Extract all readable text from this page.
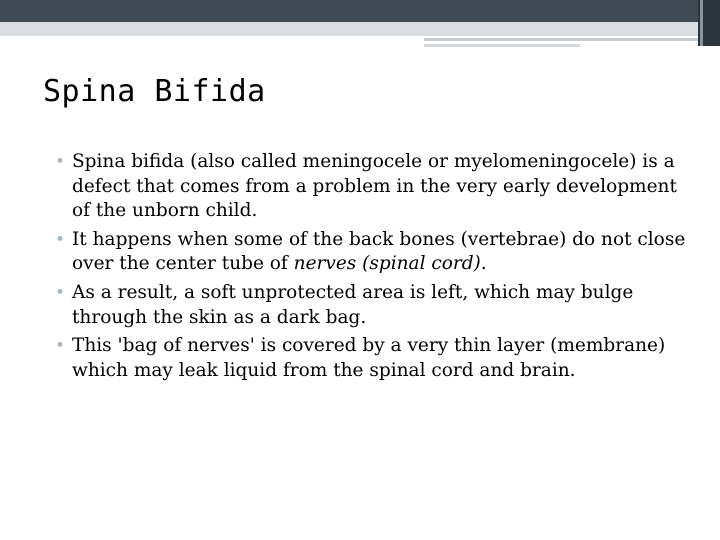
Spina Bifida
• Spina bifida (also called meningocele or myelomeningocele) is a defect that comes from a problem in the very early development of the unborn child.
• It happens when some of the back bones (vertebrae) do not close over the center tube of nerves (spinal cord).
• As a result, a soft unprotected area is left, which may bulge through the skin as a dark bag.
• This 'bag of nerves' is covered by a very thin layer (membrane) which may leak liquid from the spinal cord and brain.
